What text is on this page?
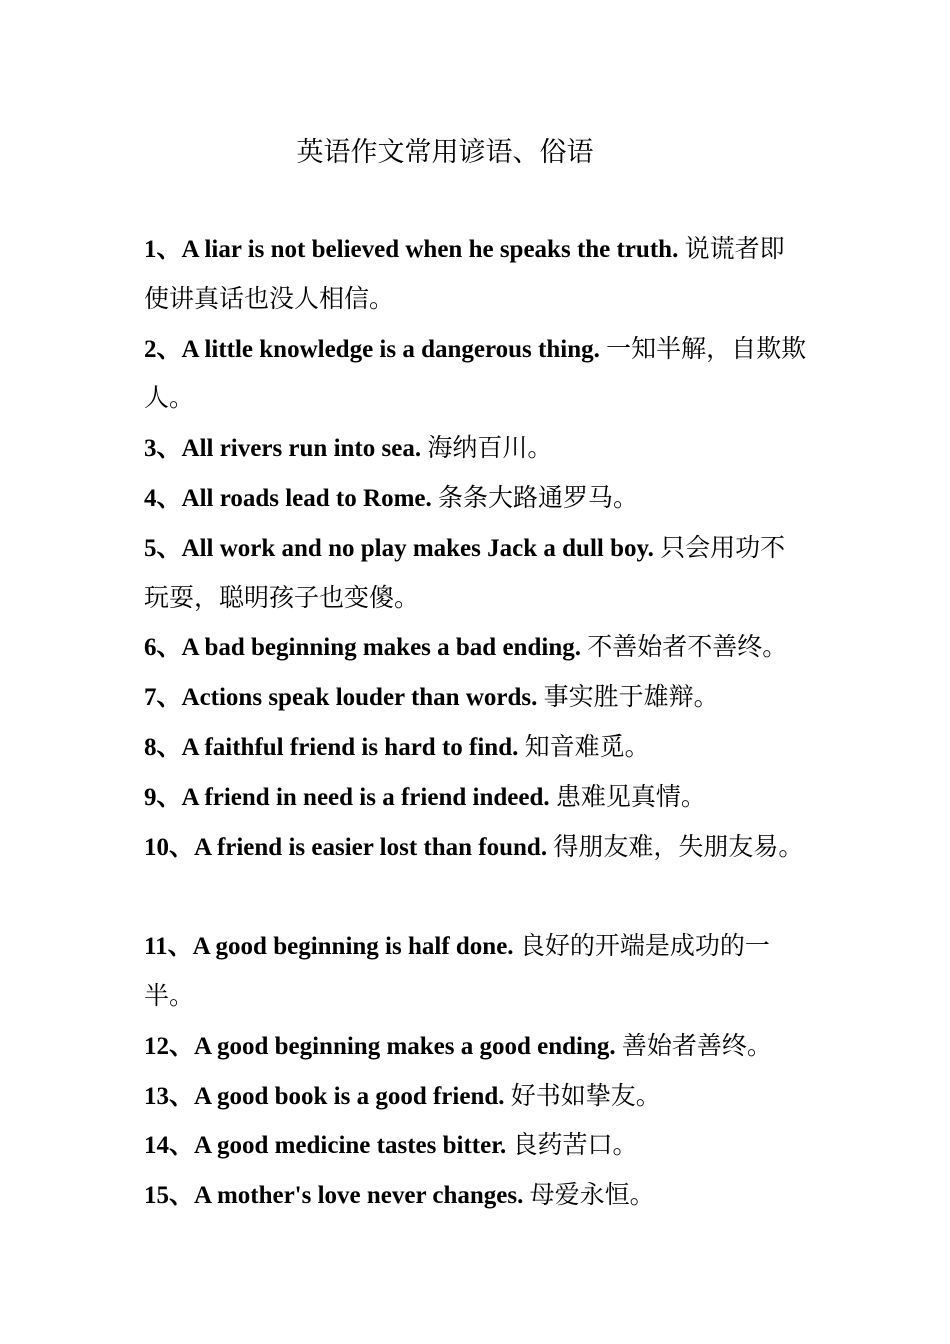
英语作文常用谚语、俗语

1、A liar is not believed when he speaks the truth. 说谎者即使讲真话也没人相信。

2、A little knowledge is a dangerous thing. 一知半解，自欺欺人。

3、All rivers run into sea. 海纳百川。

4、All roads lead to Rome. 条条大路通罗马。

5、All work and no play makes Jack a dull boy. 只会用功不玩耍，聪明孩子也变傻。

6、A bad beginning makes a bad ending. 不善始者不善终。

7、Actions speak louder than words. 事实胜于雄辩。

8、A faithful friend is hard to find. 知音难觅。

9、A friend in need is a friend indeed. 患难见真情。

10、A friend is easier lost than found. 得朋友难，失朋友易。

11、A good beginning is half done. 良好的开端是成功的一半。

12、A good beginning makes a good ending. 善始者善终。

13、A good book is a good friend. 好书如挚友。

14、A good medicine tastes bitter. 良药苦口。

15、A mother's love never changes. 母爱永恒。
